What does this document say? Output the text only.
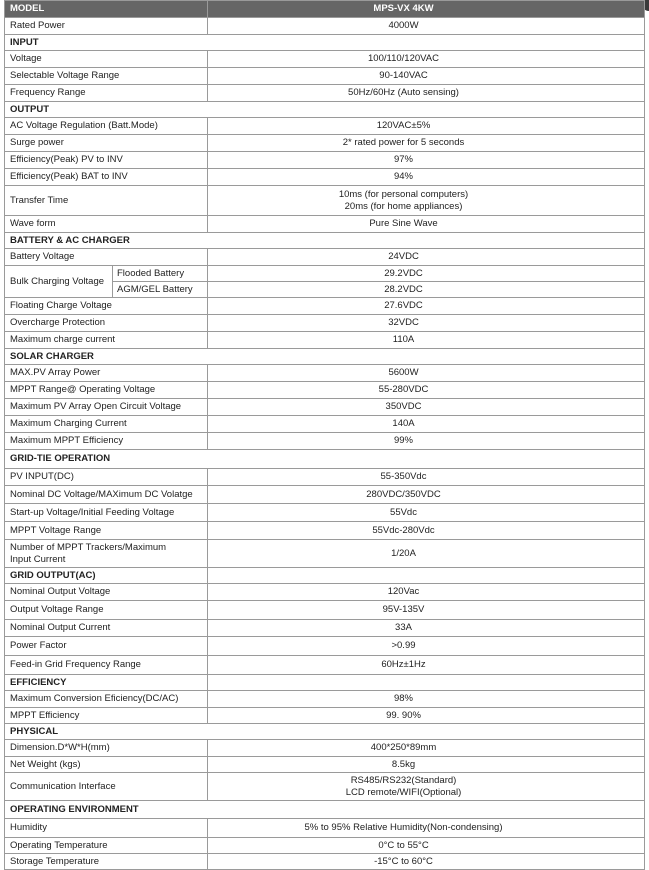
MODEL		MPS-VX 4KW
Rated Power		4000W
INPUT		
Voltage		100/110/120VAC
Selectable Voltage Range		90-140VAC
Frequency Range		50Hz/60Hz (Auto sensing)
OUTPUT		
AC Voltage Regulation (Batt.Mode)		120VAC±5%
Surge power		2* rated power for 5 seconds
Efficiency(Peak) PV to INV		97%
Efficiency(Peak) BAT to INV		94%
Transfer Time		10ms (for personal computers)
20ms (for home appliances)

Wave form		Pure Sine Wave
BATTERY & AC CHARGER		
Battery Voltage		24VDC
Bulk Charging Voltage	Flooded Battery	29.2VDC
	AGM/GEL Battery	28.2VDC
Floating Charge Voltage		27.6VDC
Overcharge Protection		32VDC
Maximum charge current		110A
SOLAR CHARGER		
MAX.PV Array Power		5600W
MPPT Range@ Operating Voltage		55-280VDC
Maximum PV Array Open Circuit Voltage		350VDC
Maximum Charging Current		140A
Maximum MPPT Efficiency		99%
GRID-TIE OPERATION		
PV INPUT(DC)		55-350Vdc
Nominal DC Voltage/MAXimum DC Volatge		280VDC/350VDC
Start-up Voltage/Initial Feeding Voltage		55Vdc
MPPT Voltage Range		55Vdc-280Vdc

Number of MPPT Trackers/Maximum
Input Current		1/20A
GRID OUTPUT(AC)		
Nominal Output Voltage		120Vac
Output Voltage Range		95V-135V
Nominal Output Current		33A
Power Factor		>0.99
Feed-in Grid Frequency Range		60Hz±1Hz
EFFICIENCY		
Maximum Conversion Eficiency(DC/AC)		98%
MPPT Efficiency		99. 90%
PHYSICAL		
Dimension.D*W*H(mm)		400*250*89mm
Net Weight (kgs)		8.5kg
Communication Interface		RS485/RS232(Standard)
LCD remote/WIFI(Optional)

OPERATING ENVIRONMENT		
Humidity		5% to 95% Relative Humidity(Non-condensing)
Operating Temperature		0°C to 55°C
Storage Temperature		-15°C to 60°C
